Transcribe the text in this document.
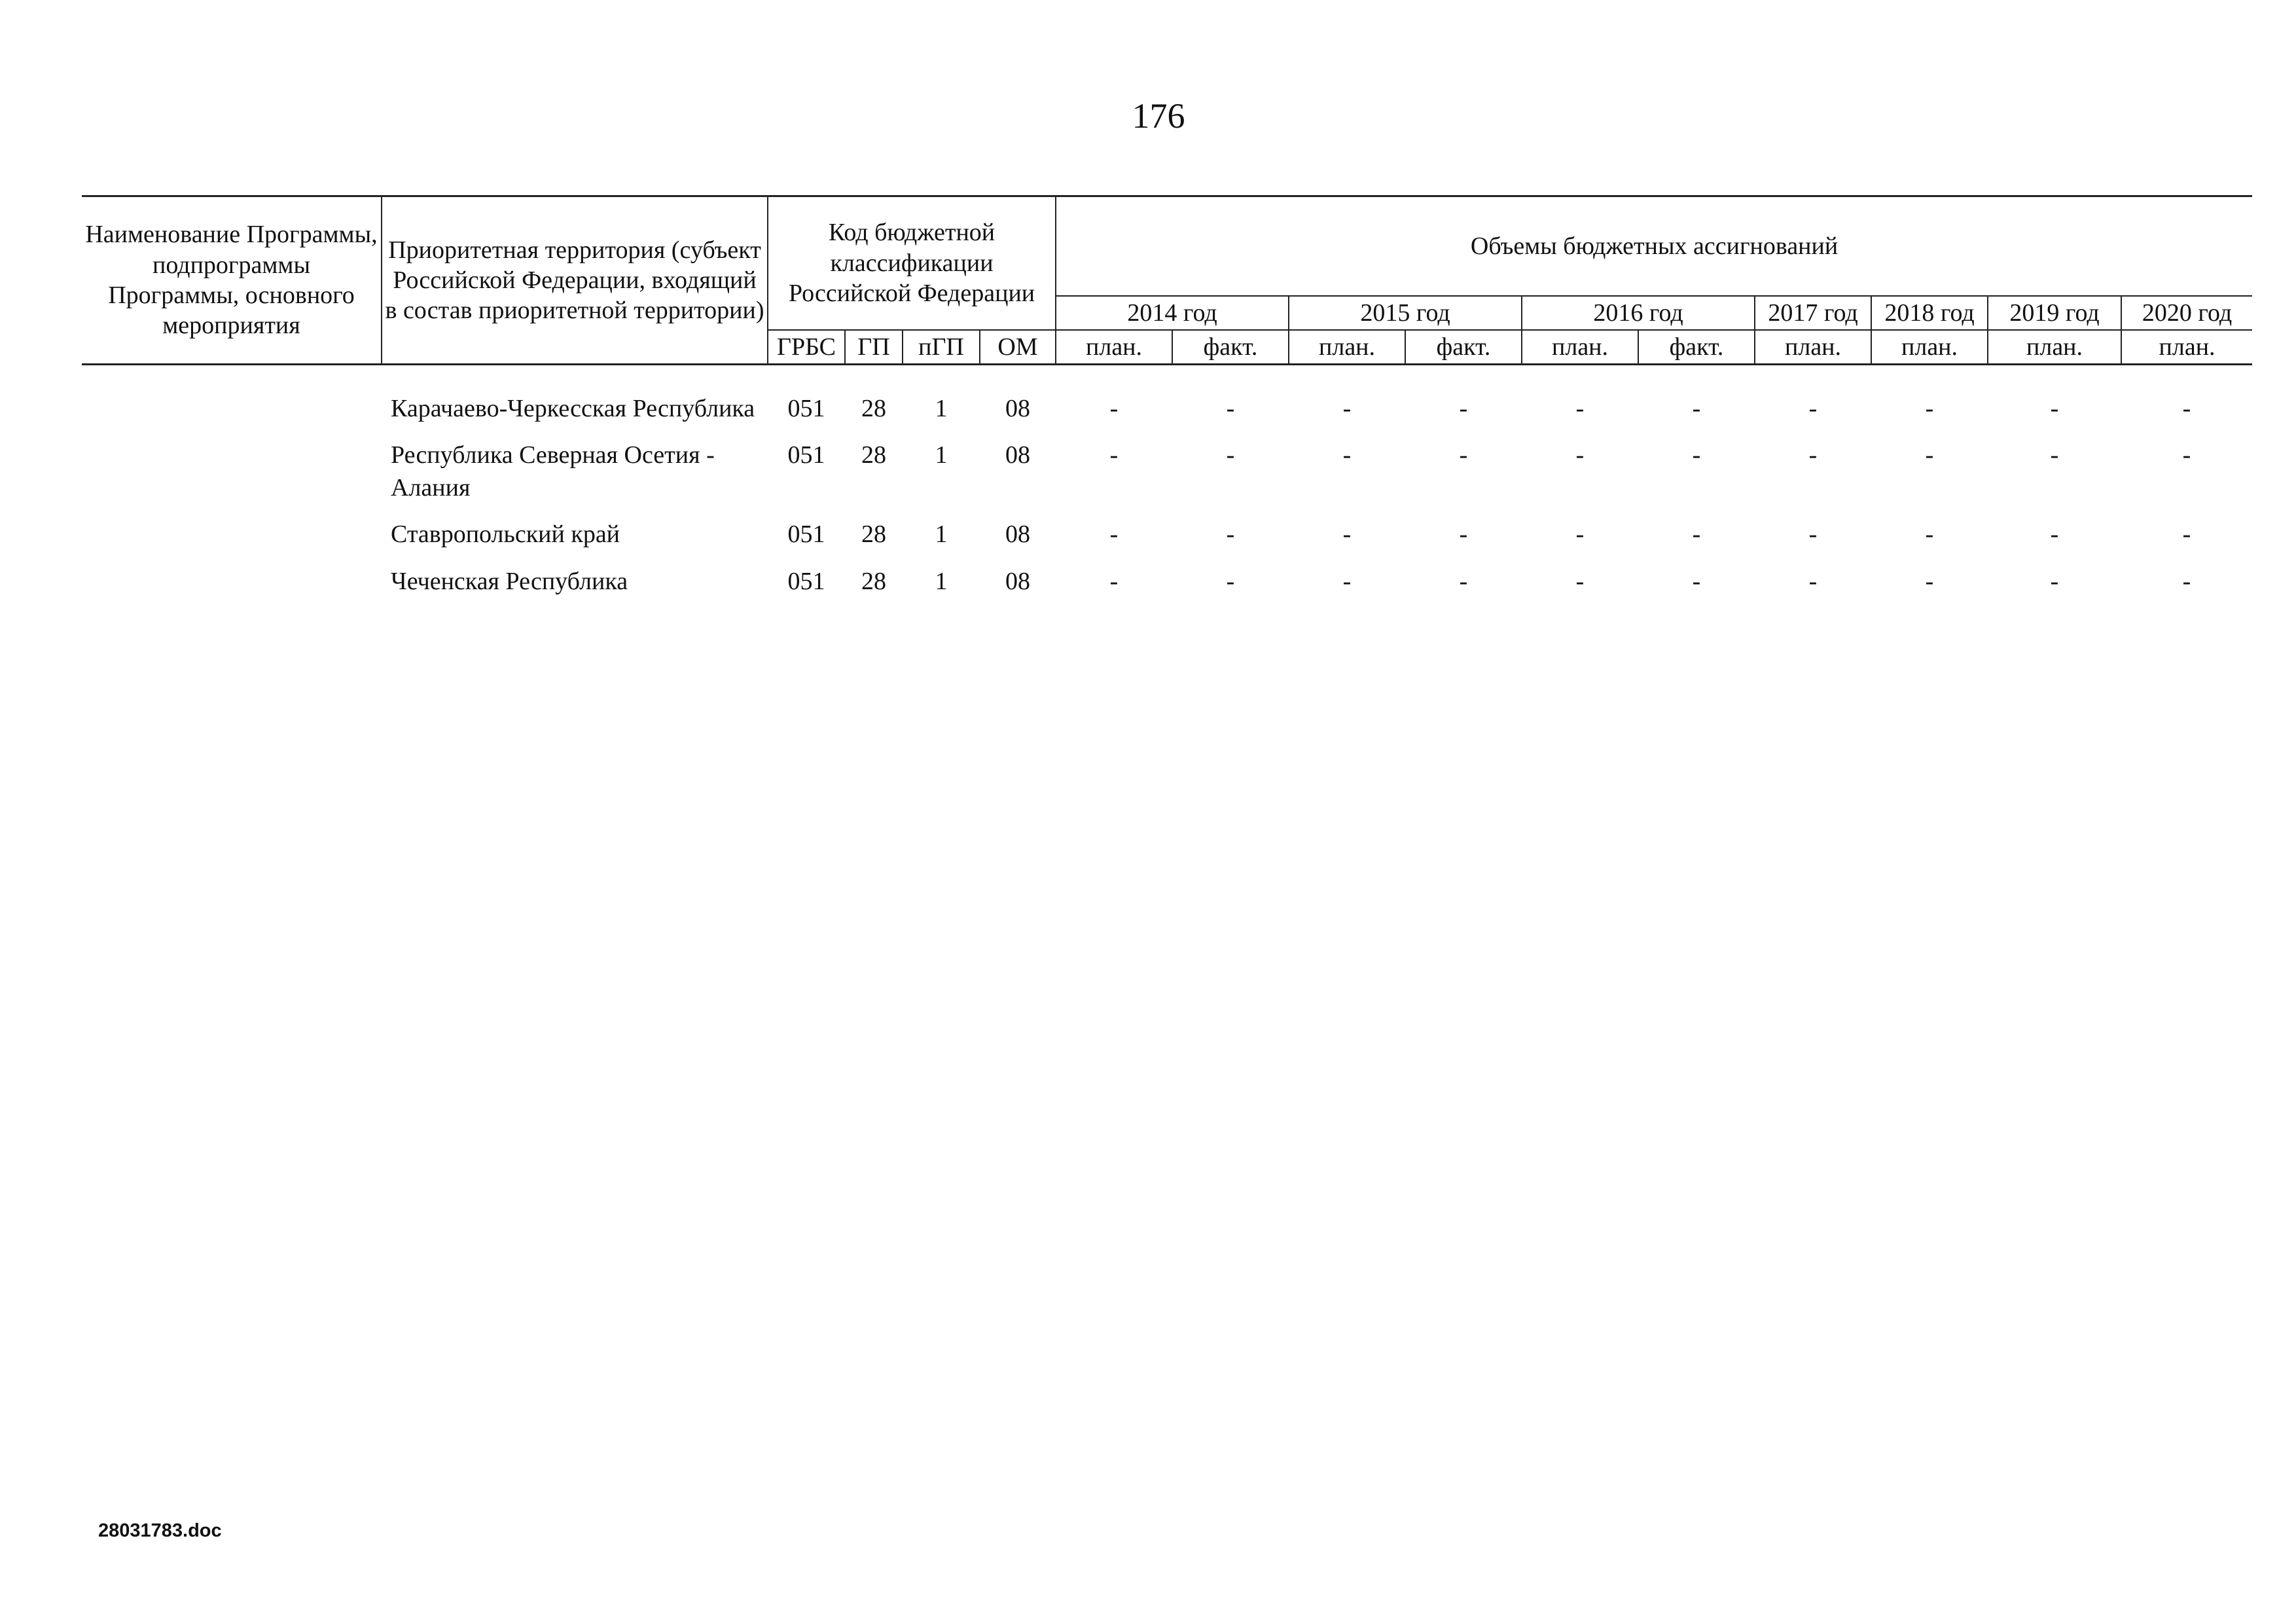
176
Наименование Программы, подпрограммы Программы, основного мероприятия	Приоритетная территория (субъект Российской Федерации, входящий в состав приоритетной территории)	Код бюджетной классификации Российской Федерации				Объемы бюджетных ассигнований									
						2014 год		2015 год		2016 год		2017 год	2018 год	2019 год	2020 год
		ГРБС	ГП	пГП	ОМ	план.	факт.	план.	факт.	план.	факт.	план.	план.	план.	план.
	Карачаево-Черкесская Республика	051	28	1	08	-	-	-	-	-	-	-	-	-	-
	Республика Северная Осетия - Алания	051	28	1	08	-	-	-	-	-	-	-	-	-	-
	Ставропольский край	051	28	1	08	-	-	-	-	-	-	-	-	-	-
	Чеченская Республика	051	28	1	08	-	-	-	-	-	-	-	-	-	-
28031783.doc
